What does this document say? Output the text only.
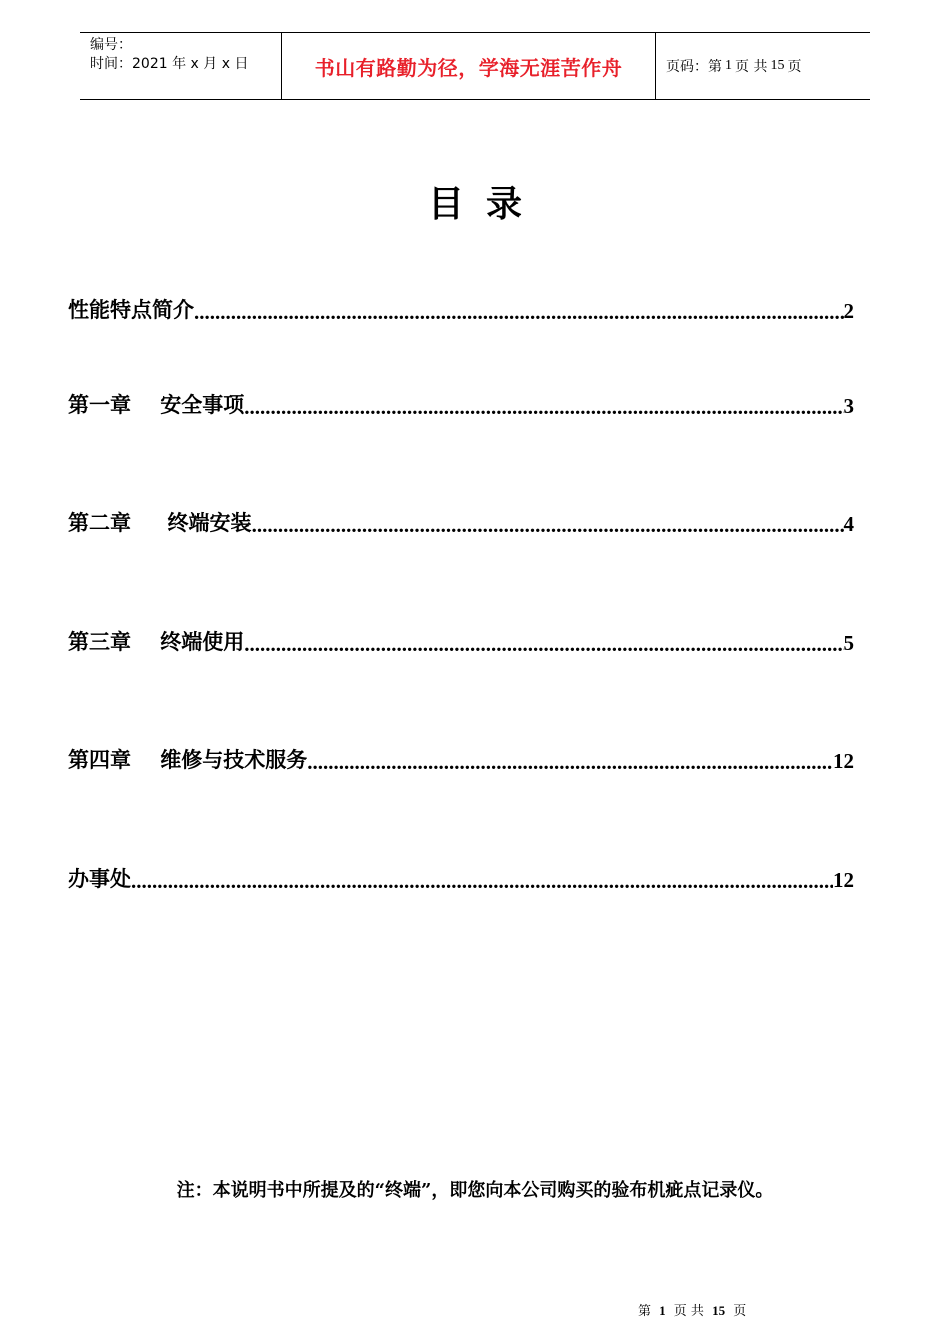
编号：
时间：2021 年 x 月 x 日	书山有路勤为径，学海无涯苦作舟	页码：第 1 页 共 15 页
目录
性能特点简介 .....	2
第一章    安全事项 .....	3
第二章     终端安装 .....	4
第三章    终端使用 .....	5
第四章    维修与技术服务 .....	12
办事处 .....	12
注：本说明书中所提及的“终端”，即您向本公司购买的验布机疵点记录仪。
第 1 页 共 15 页
